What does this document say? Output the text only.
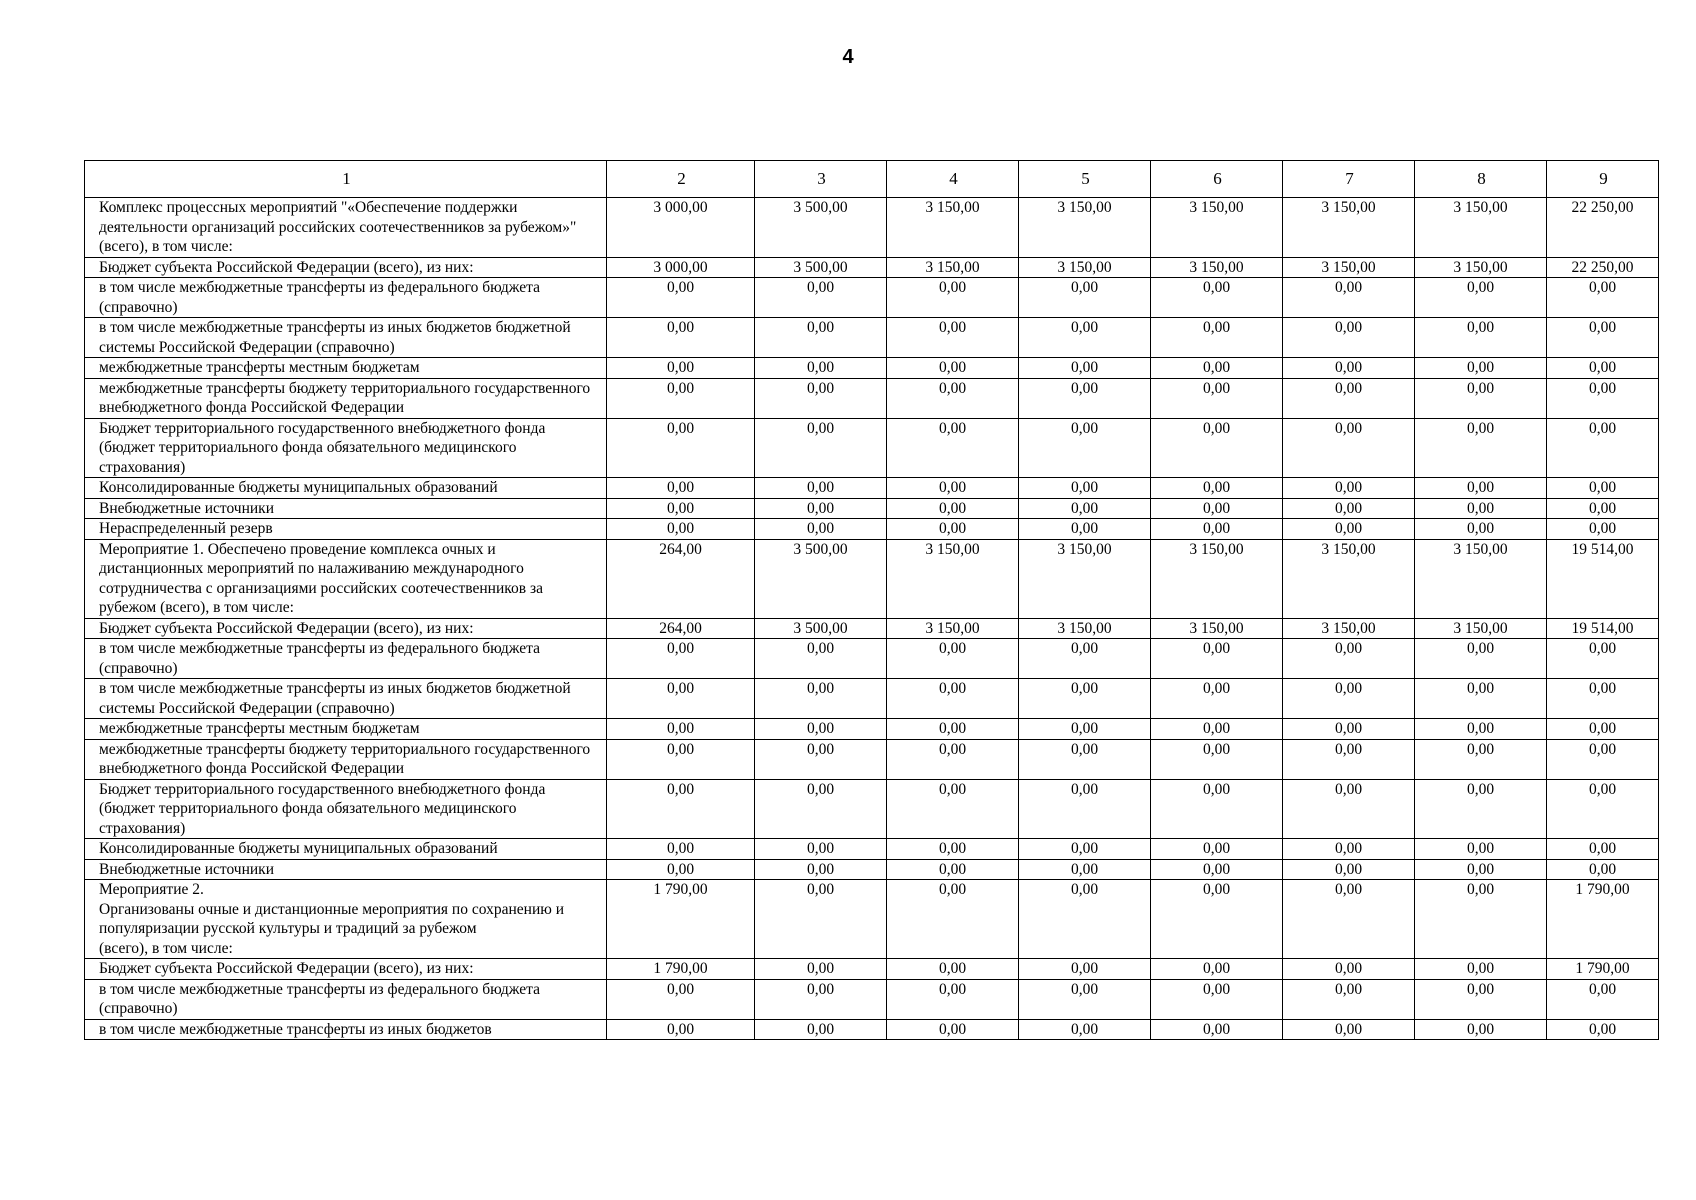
4
1	2	3	4	5	6	7	8	9

Комплекс процессных мероприятий "«Обеспечение поддержки деятельности организаций российских соотечественников за рубежом»" (всего), в том числе:	3 000,00	3 500,00	3 150,00	3 150,00	3 150,00	3 150,00	3 150,00	22 250,00

Бюджет субъекта Российской Федерации (всего), из них:	3 000,00	3 500,00	3 150,00	3 150,00	3 150,00	3 150,00	3 150,00	22 250,00

в том числе межбюджетные трансферты из федерального бюджета (справочно)	0,00	0,00	0,00	0,00	0,00	0,00	0,00	0,00

в том числе межбюджетные трансферты из иных бюджетов бюджетной системы Российской Федерации (справочно)	0,00	0,00	0,00	0,00	0,00	0,00	0,00	0,00

межбюджетные трансферты местным бюджетам	0,00	0,00	0,00	0,00	0,00	0,00	0,00	0,00

межбюджетные трансферты бюджету территориального государственного внебюджетного фонда Российской Федерации	0,00	0,00	0,00	0,00	0,00	0,00	0,00	0,00

Бюджет территориального государственного внебюджетного фонда (бюджет территориального фонда обязательного медицинского страхования)	0,00	0,00	0,00	0,00	0,00	0,00	0,00	0,00

Консолидированные бюджеты муниципальных образований	0,00	0,00	0,00	0,00	0,00	0,00	0,00	0,00

Внебюджетные источники	0,00	0,00	0,00	0,00	0,00	0,00	0,00	0,00

Нераспределенный резерв	0,00	0,00	0,00	0,00	0,00	0,00	0,00	0,00

Мероприятие 1. Обеспечено проведение комплекса очных и дистанционных мероприятий по налаживанию международного сотрудничества с организациями российских соотечественников за рубежом (всего), в том числе:	264,00	3 500,00	3 150,00	3 150,00	3 150,00	3 150,00	3 150,00	19 514,00

Бюджет субъекта Российской Федерации (всего), из них:	264,00	3 500,00	3 150,00	3 150,00	3 150,00	3 150,00	3 150,00	19 514,00

в том числе межбюджетные трансферты из федерального бюджета (справочно)	0,00	0,00	0,00	0,00	0,00	0,00	0,00	0,00

в том числе межбюджетные трансферты из иных бюджетов бюджетной системы Российской Федерации (справочно)	0,00	0,00	0,00	0,00	0,00	0,00	0,00	0,00

межбюджетные трансферты местным бюджетам	0,00	0,00	0,00	0,00	0,00	0,00	0,00	0,00

межбюджетные трансферты бюджету территориального государственного внебюджетного фонда Российской Федерации	0,00	0,00	0,00	0,00	0,00	0,00	0,00	0,00

Бюджет территориального государственного внебюджетного фонда (бюджет территориального фонда обязательного медицинского страхования)	0,00	0,00	0,00	0,00	0,00	0,00	0,00	0,00

Консолидированные бюджеты муниципальных образований	0,00	0,00	0,00	0,00	0,00	0,00	0,00	0,00

Внебюджетные источники	0,00	0,00	0,00	0,00	0,00	0,00	0,00	0,00

Мероприятие 2.
Организованы очные и дистанционные мероприятия по сохранению и популяризации русской культуры и традиций за рубежом
(всего), в том числе:	1 790,00	0,00	0,00	0,00	0,00	0,00	0,00	1 790,00

Бюджет субъекта Российской Федерации (всего), из них:	1 790,00	0,00	0,00	0,00	0,00	0,00	0,00	1 790,00

в том числе межбюджетные трансферты из федерального бюджета (справочно)	0,00	0,00	0,00	0,00	0,00	0,00	0,00	0,00

в том числе межбюджетные трансферты из иных бюджетов	0,00	0,00	0,00	0,00	0,00	0,00	0,00	0,00
